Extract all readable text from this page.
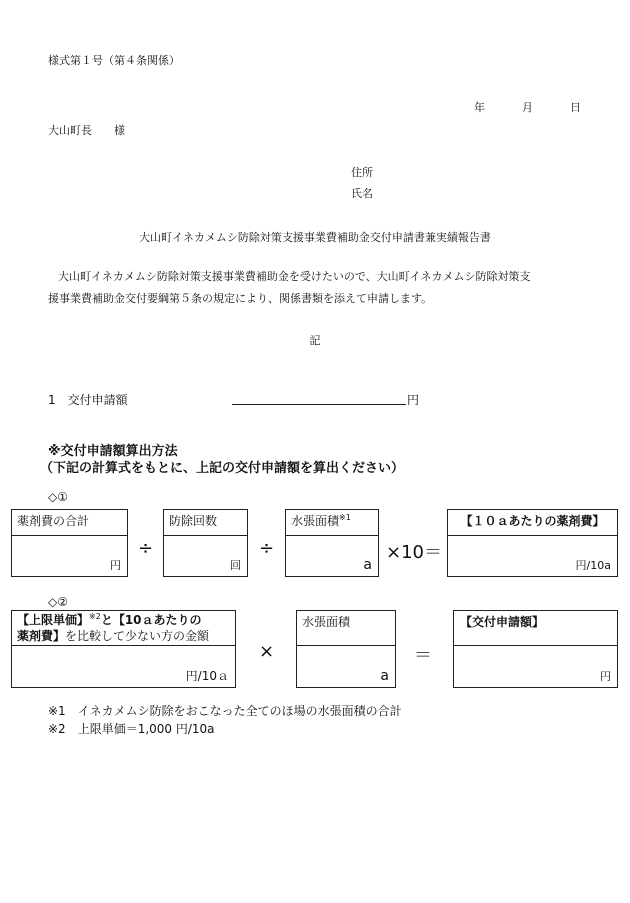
様式第１号（第４条関係）
年	月	日
大山町長　　様
住所
氏名
大山町イネカメムシ防除対策支援事業費補助金交付申請書兼実績報告書
大山町イネカメムシ防除対策支援事業費補助金を受けたいので、大山町イネカメムシ防除対策支
援事業費補助金交付要綱第５条の規定により、関係書類を添えて申請します。
記
1　交付申請額	円
※交付申請額算出方法
（下記の計算式をもとに、上記の交付申請額を算出ください）
◇①
薬剤費の合計
円
÷
防除回数
回
÷
水張面積$^{※1}$
a
×10＝
【１０ａあたりの薬剤費】
円/10a
◇②
【上限単価】$^{※2}$と【10ａあたりの
薬剤費】を比較して少ない方の金額
円/10ａ
×
水張面積
a
＝
【交付申請額】
円
※1　イネカメムシ防除をおこなった全てのほ場の水張面積の合計
※2　上限単価＝1,000 円/10a
